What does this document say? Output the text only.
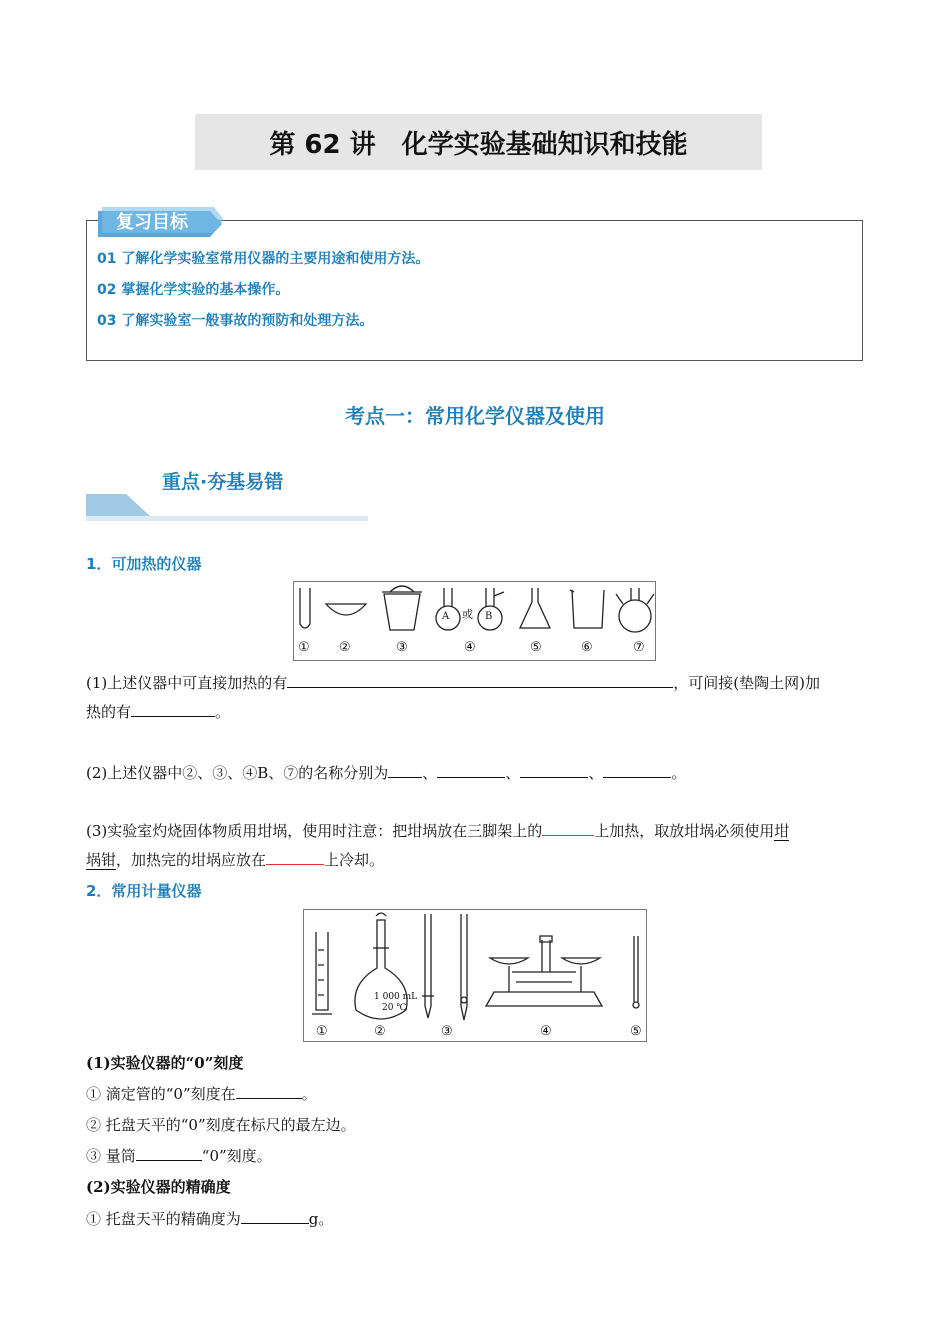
第 62 讲　化学实验基础知识和技能
复习目标
01 了解化学实验室常用仪器的主要用途和使用方法。
02 掌握化学实验的基本操作。
03 了解实验室一般事故的预防和处理方法。
考点一：常用化学仪器及使用
重点·夯基易错
1．可加热的仪器
① ②	③	④	⑤	⑥	⑦
A 或 B
(1)上述仪器中可直接加热的有	，可间接(垫陶土网)加
热的有	。
(2)上述仪器中②、③、④B、⑦的名称分别为 、	、	、	。
(3)实验室灼烧固体物质用坩埚，使用时注意：把坩埚放在三脚架上的	上加热，取放坩埚必须使用坩
埚钳，加热完的坩埚应放在	上冷却。
2．常用计量仪器
1 000 mL
20 ℃
①	②	③	④	⑤
(1)实验仪器的“0”刻度
① 滴定管的“0”刻度在	。
② 托盘天平的“0”刻度在标尺的最左边。
③ 量筒	“0”刻度。
(2)实验仪器的精确度
① 托盘天平的精确度为	g。
